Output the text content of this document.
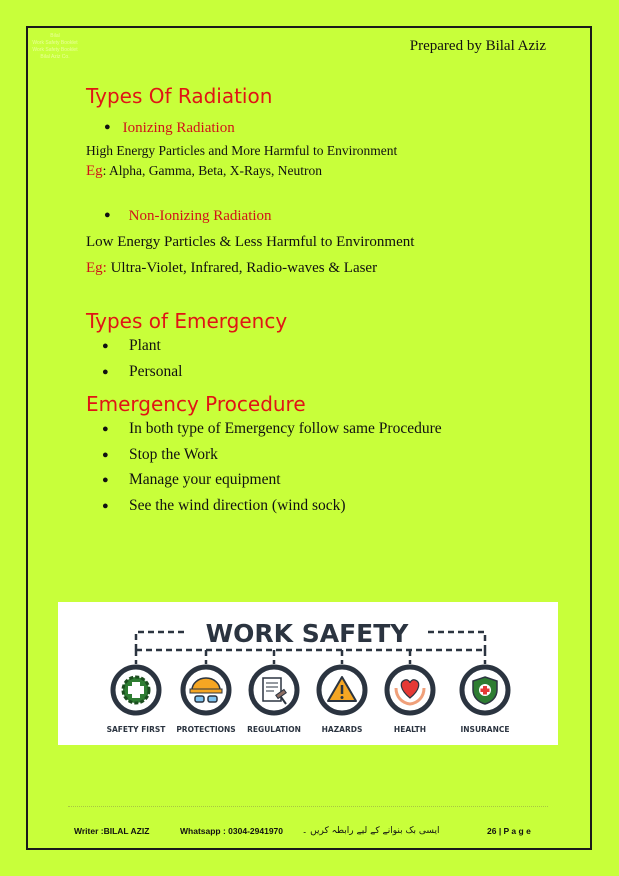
Bilal
Work Safety Booklet
Work Safety Booklet
Bilal Aziz Co.
Prepared by Bilal Aziz
Types Of Radiation
● Ionizing Radiation
High Energy Particles and More Harmful to Environment
Eg: Alpha, Gamma, Beta, X-Rays, Neutron
● Non-Ionizing Radiation
Low Energy Particles & Less Harmful to Environment
Eg: Ultra-Violet, Infrared, Radio-waves & Laser
Types of Emergency
● Plant
● Personal
Emergency Procedure
● In both type of Emergency follow same Procedure
● Stop the Work
● Manage your equipment
● See the wind direction (wind sock)
WORK SAFETY
SAFETY FIRST PROTECTIONS REGULATION	HAZARDS	HEALTH	INSURANCE
Writer :BILAL AZIZ	Whatsapp : 0304-2941970 ایسی بک بنوانے کے لیے رابطہ کریں ۔	26 | P a g e
